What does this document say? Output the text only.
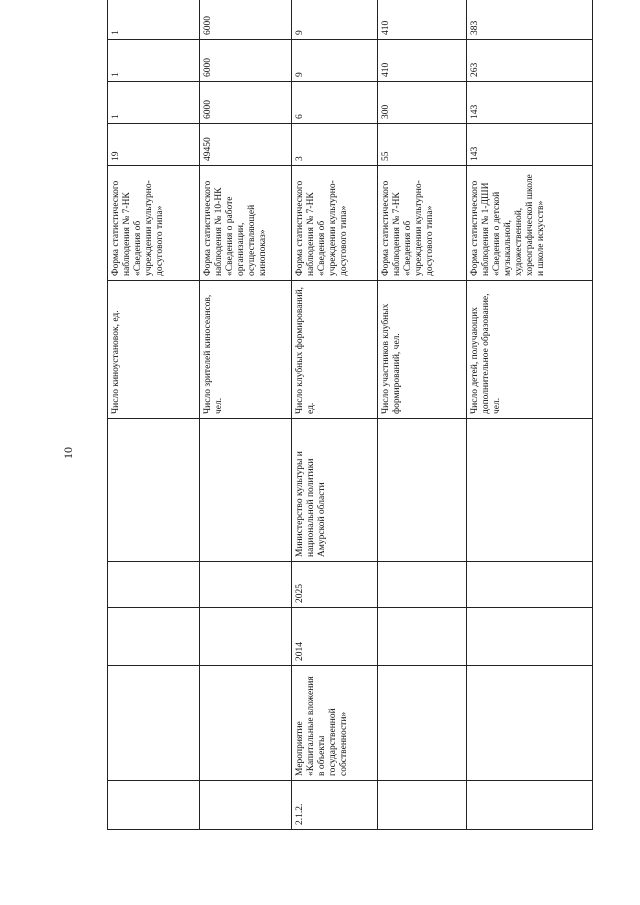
10
					Число киноустановок, ед.	Форма статистического наблюдения № 7-НК «Сведения об учреждении культурно-досугового типа»	19	1	1	1		
					Число зрителей киносеансов, чел.	Форма статистического наблюдения № 10-НК «Сведения о работе организации, осуществляющей кинопоказ»	49450	6000	6000	6000		
2.1.2.	Мероприятие «Капитальные вложения в объекты государственной собственности»	2014	2025	Министерство культуры и национальной политики Амурской области	Число клубных формирований, ед.	Форма статистического наблюдения № 7-НК «Сведения об учреждении культурно-досугового типа»	3	6	9	9		
					Число участников клубных формирований, чел.	Форма статистического наблюдения № 7-НК «Сведения об учреждении культурно-досугового типа»	55	300	410	410		
					Число детей, получающих дополнительное образование, чел.	Форма статистического наблюдения № 1-ДШИ «Сведения о детской музыкальной, художественной, хореографической школе и школе искусств»	143	143	263	383		
